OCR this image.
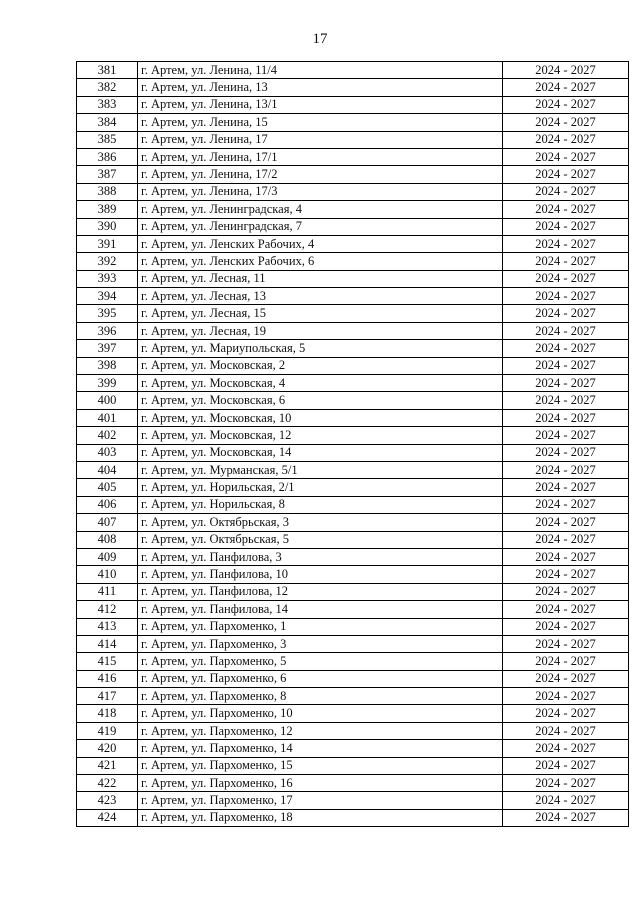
17
381	г. Артем, ул. Ленина, 11/4	2024 - 2027
382	г. Артем, ул. Ленина, 13	2024 - 2027
383	г. Артем, ул. Ленина, 13/1	2024 - 2027
384	г. Артем, ул. Ленина, 15	2024 - 2027
385	г. Артем, ул. Ленина, 17	2024 - 2027
386	г. Артем, ул. Ленина, 17/1	2024 - 2027
387	г. Артем, ул. Ленина, 17/2	2024 - 2027
388	г. Артем, ул. Ленина, 17/3	2024 - 2027
389	г. Артем, ул. Ленинградская, 4	2024 - 2027
390	г. Артем, ул. Ленинградская, 7	2024 - 2027
391	г. Артем, ул. Ленских Рабочих, 4	2024 - 2027
392	г. Артем, ул. Ленских Рабочих, 6	2024 - 2027
393	г. Артем, ул. Лесная, 11	2024 - 2027
394	г. Артем, ул. Лесная, 13	2024 - 2027
395	г. Артем, ул. Лесная, 15	2024 - 2027
396	г. Артем, ул. Лесная, 19	2024 - 2027
397	г. Артем, ул. Мариупольская, 5	2024 - 2027
398	г. Артем, ул. Московская, 2	2024 - 2027
399	г. Артем, ул. Московская, 4	2024 - 2027
400	г. Артем, ул. Московская, 6	2024 - 2027
401	г. Артем, ул. Московская, 10	2024 - 2027
402	г. Артем, ул. Московская, 12	2024 - 2027
403	г. Артем, ул. Московская, 14	2024 - 2027
404	г. Артем, ул. Мурманская, 5/1	2024 - 2027
405	г. Артем, ул. Норильская, 2/1	2024 - 2027
406	г. Артем, ул. Норильская, 8	2024 - 2027
407	г. Артем, ул. Октябрьская, 3	2024 - 2027
408	г. Артем, ул. Октябрьская, 5	2024 - 2027
409	г. Артем, ул. Панфилова, 3	2024 - 2027
410	г. Артем, ул. Панфилова, 10	2024 - 2027
411	г. Артем, ул. Панфилова, 12	2024 - 2027
412	г. Артем, ул. Панфилова, 14	2024 - 2027
413	г. Артем, ул. Пархоменко, 1	2024 - 2027
414	г. Артем, ул. Пархоменко, 3	2024 - 2027
415	г. Артем, ул. Пархоменко, 5	2024 - 2027
416	г. Артем, ул. Пархоменко, 6	2024 - 2027
417	г. Артем, ул. Пархоменко, 8	2024 - 2027
418	г. Артем, ул. Пархоменко, 10	2024 - 2027
419	г. Артем, ул. Пархоменко, 12	2024 - 2027
420	г. Артем, ул. Пархоменко, 14	2024 - 2027
421	г. Артем, ул. Пархоменко, 15	2024 - 2027
422	г. Артем, ул. Пархоменко, 16	2024 - 2027
423	г. Артем, ул. Пархоменко, 17	2024 - 2027
424	г. Артем, ул. Пархоменко, 18	2024 - 2027
